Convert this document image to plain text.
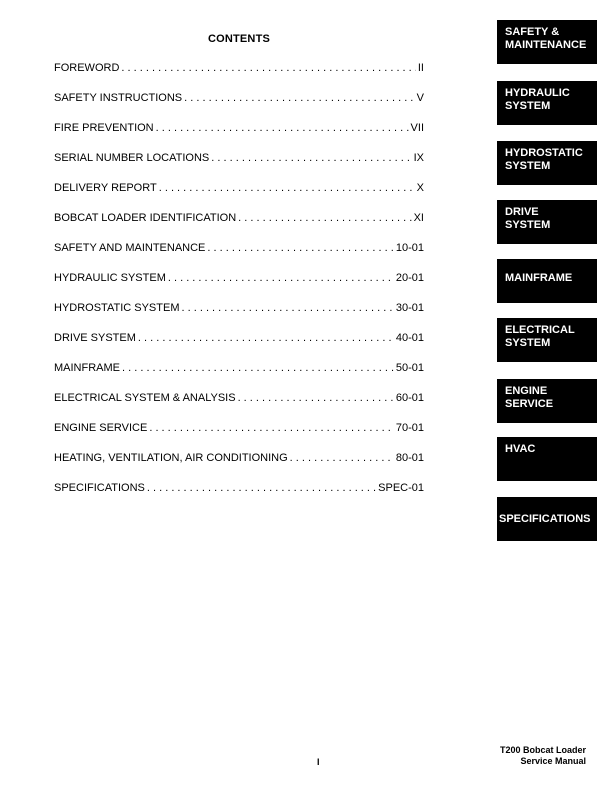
CONTENTS
FOREWORD . . .	II
SAFETY INSTRUCTIONS . . .	V
FIRE PREVENTION . . .	VII
SERIAL NUMBER LOCATIONS . . .	IX
DELIVERY REPORT . . .	X
BOBCAT LOADER IDENTIFICATION . . .	XI
SAFETY AND MAINTENANCE . . .	10-01
HYDRAULIC SYSTEM . . .	20-01
HYDROSTATIC SYSTEM . . .	30-01
DRIVE SYSTEM . . .	40-01
MAINFRAME . . .	50-01
ELECTRICAL SYSTEM & ANALYSIS . . .	60-01
ENGINE SERVICE . . .	70-01
HEATING, VENTILATION, AIR CONDITIONING . . .	80-01
SPECIFICATIONS . . .	SPEC-01
SAFETY &
MAINTENANCE
HYDRAULIC
SYSTEM
HYDROSTATIC
SYSTEM
DRIVE
SYSTEM
MAINFRAME
ELECTRICAL
SYSTEM
ENGINE
SERVICE
HVAC
SPECIFICATIONS
I
T200 Bobcat Loader
Service Manual
